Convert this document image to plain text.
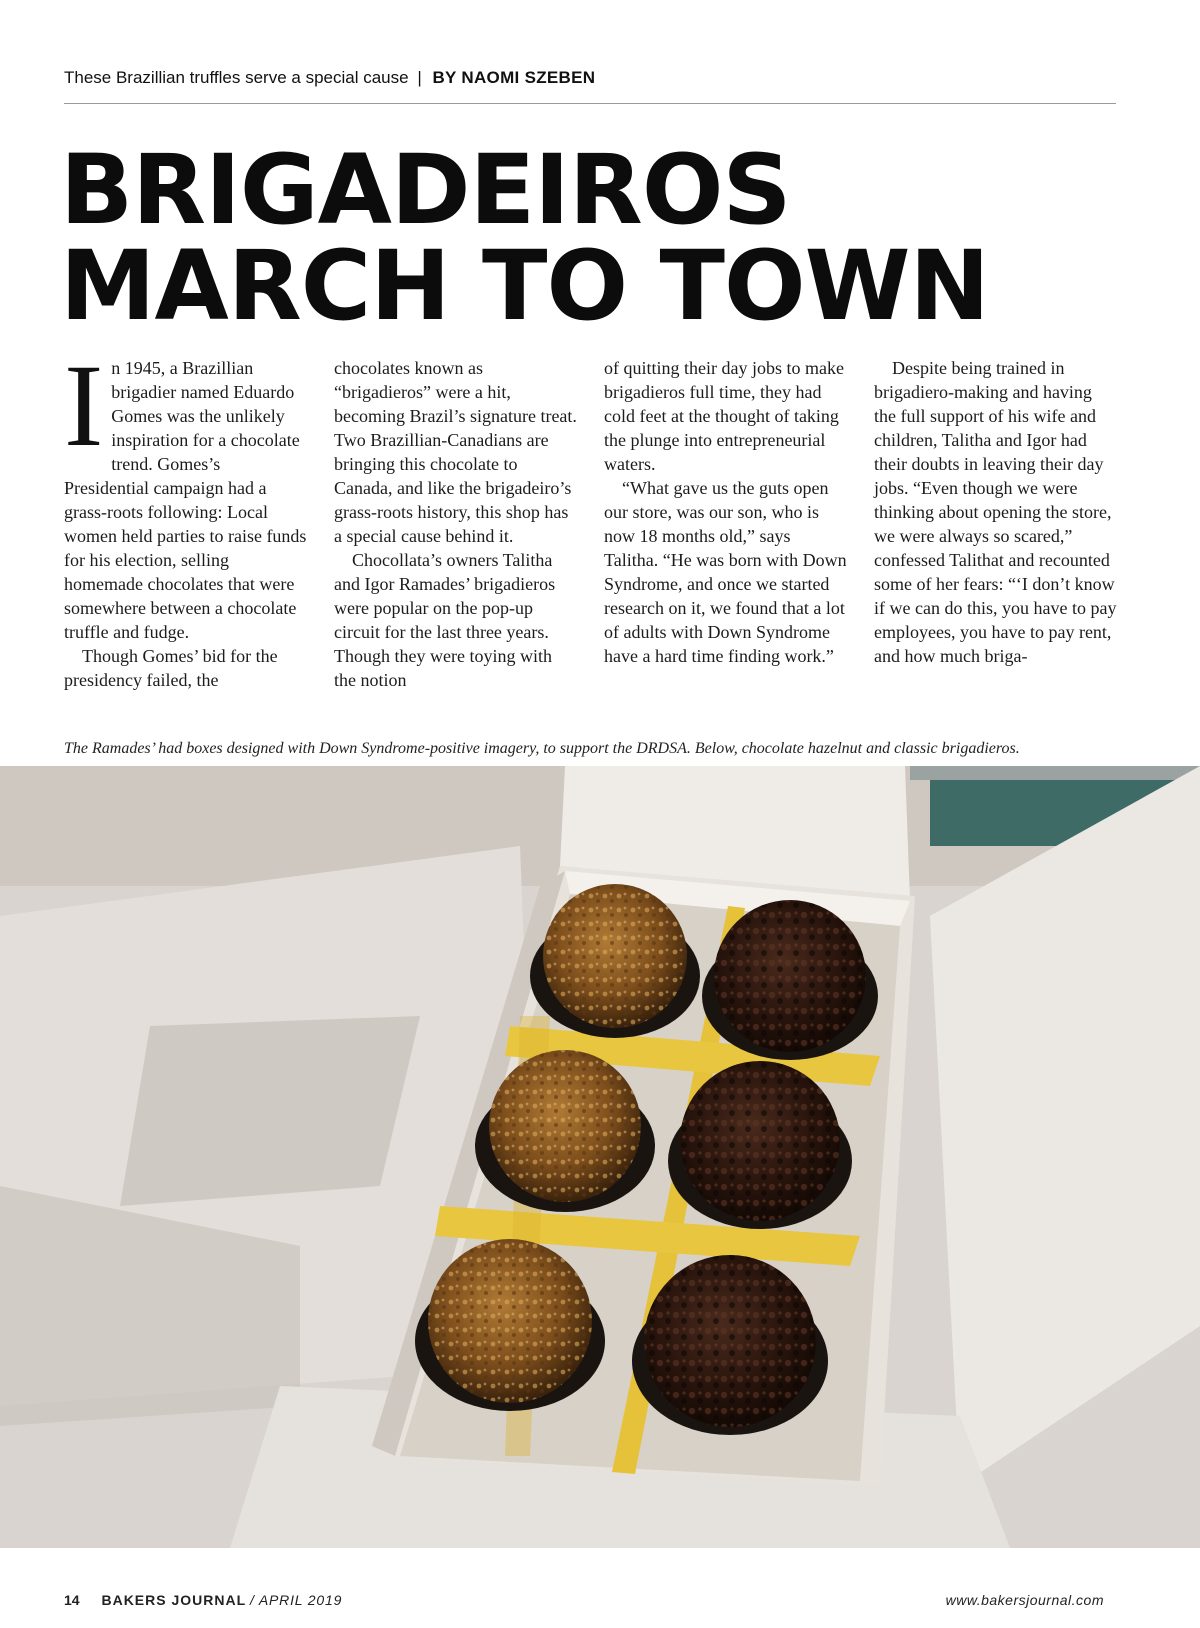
These Brazillian truffles serve a special cause | BY NAOMI SZEBEN
BRIGADEIROS
MARCH TO TOWN

In 1945, a Brazillian brigadier named Eduardo Gomes was the unlikely inspiration for a chocolate trend. Gomes’s Presidential campaign had a grass-roots following: Local women held parties to raise funds for his election, selling homemade chocolates that were somewhere between a chocolate truffle and fudge.

Though Gomes’ bid for the presidency failed, the

chocolates known as “brigadieros” were a hit, becoming Brazil’s signature treat. Two Brazillian-Canadians are bringing this chocolate to Canada, and like the brigadeiro’s grass-roots history, this shop has a special cause behind it.

Chocollata’s owners Talitha and Igor Ramades’ brigadieros were popular on the pop-up circuit for the last three years. Though they were toying with the notion

of quitting their day jobs to make brigadieros full time, they had cold feet at the thought of taking the plunge into entrepreneurial waters.

“What gave us the guts open our store, was our son, who is now 18 months old,” says Talitha. “He was born with Down Syndrome, and once we started research on it, we found that a lot of adults with Down Syndrome have a hard time finding work.”

Despite being trained in brigadiero-making and having the full support of his wife and children, Talitha and Igor had their doubts in leaving their day jobs. “Even though we were thinking about opening the store, we were always so scared,” confessed Talithat and recounted some of her fears: “‘I don’t know if we can do this, you have to pay employees, you have to pay rent, and how much briga-

The Ramades’ had boxes designed with Down Syndrome-positive imagery, to support the DRDSA. Below, chocolate hazelnut and classic brigadieros.
14 BAKERS JOURNAL / APRIL 2019	www.bakersjournal.com
